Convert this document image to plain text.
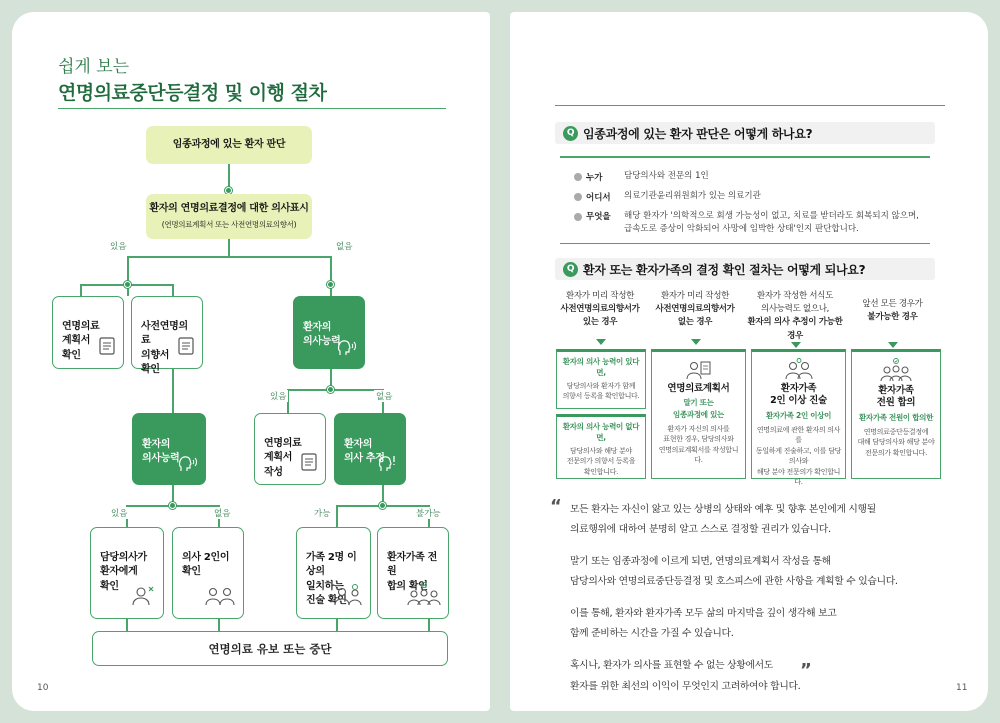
쉽게 보는
연명의료중단등결정 및 이행 절차
있음	없음
있음	없음
있음	없음	가능	불가능
임종과정에 있는 환자 판단
환자의 연명의료결정에 대한 의사표시
(연명의료계획서 또는 사전연명의료의향서)

연명의료
계획서
확인

사전연명의료
의향서
확인

환자의
의사능력

환자의
의사능력

연명의료
계획서
작성

환자의
의사 추정

담당의사가
환자에게
확인

의사 2인이
확인

가족 2명 이상의
일치하는
진술 확인

환자가족 전원
합의 확인

연명의료 유보 또는 중단
10
Q 임종과정에 있는 환자 판단은 어떻게 하나요?
누가	담당의사와 전문의 1인
어디서 의료기관윤리위원회가 있는 의료기관
무엇을 해당 환자가 '의학적으로 회생 가능성이 없고, 치료를 받더라도 회복되지 않으며, 급속도로 증상이 악화되어 사망에 임박한 상태'인지 판단합니다.
Q 환자 또는 환자가족의 결정 확인 절차는 어떻게 되나요?
환자가 미리 작성한
사전연명의료의향서가
있는 경우
환자가 미리 작성한
사전연명의료의향서가
없는 경우
환자가 작성한 서식도
의사능력도 없으나,
환자의 의사 추정이 가능한 경우
앞선 모든 경우가
불가능한 경우
환자의 의사 능력이 있다면,
담당의사와 환자가 함께
의향서 등록을 확인합니다.
환자의 의사 능력이 없다면,
담당의사와 해당 분야
전문의가 의향서 등록을
확인합니다.
연명의료계획서
말기 또는
임종과정에 있는
환자가 자신의 의사를
표현한 경우, 담당의사와
연명의료계획서를 작성합니다.
환자가족
2인 이상 진술
환자가족 2인 이상이
연명의료에 관한 환자의 의사를
동일하게 진술하고, 이를 담당의사와
해당 분야 전문의가 확인합니다.
환자가족
전원 합의
환자가족 전원이 합의한
연명의료중단등결정에
대해 담당의사와 해당 분야
전문의가 확인합니다.
“ 모든 환자는 자신이 앓고 있는 상병의 상태와 예후 및 향후 본인에게 시행될
의료행위에 대하여 분명히 알고 스스로 결정할 권리가 있습니다.

말기 또는 임종과정에 이르게 되면, 연명의료계획서 작성을 통해
담당의사와 연명의료중단등결정 및 호스피스에 관한 사항을 계획할 수 있습니다.

이를 통해, 환자와 환자가족 모두 삶의 마지막을 깊이 생각해 보고
함께 준비하는 시간을 가질 수 있습니다.

혹시나, 환자가 의사를 표현할 수 없는 상황에서도
환자를 위한 최선의 이익이 무엇인지 고려하여야 합니다.

”
11
